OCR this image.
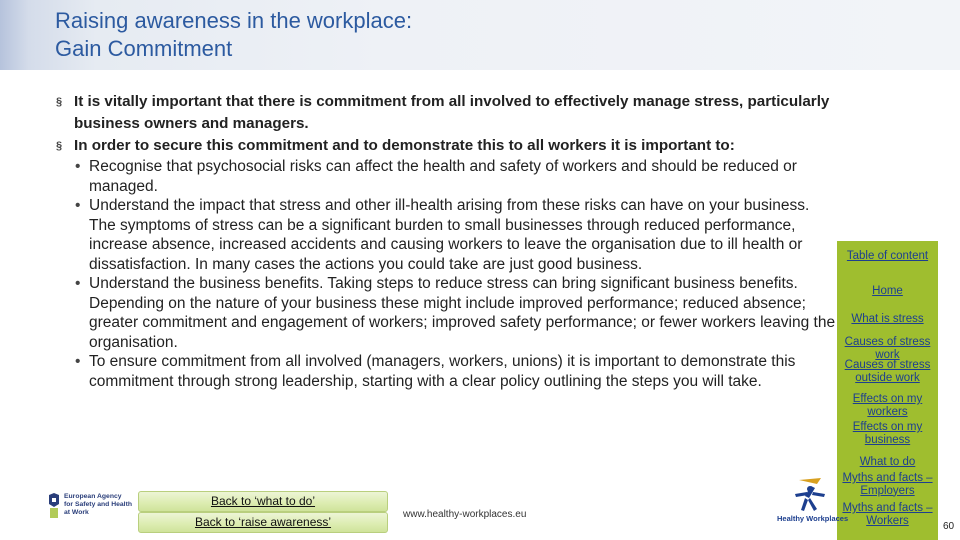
Raising awareness in the workplace:
Gain Commitment
§ It is vitally important that there is commitment from all involved to effectively manage stress, particularly business owners and managers.
§ In order to secure this commitment and to demonstrate this to all workers it is important to:
• Recognise that psychosocial risks can affect the health and safety of workers and should be reduced or managed.
• Understand the impact that stress and other ill-health arising from these risks can have on your business. The symptoms of stress can be a significant burden to small businesses through reduced performance, increase absence, increased accidents and causing workers to leave the organisation due to ill health or dissatisfaction. In many cases the actions you could take are just good business.
• Understand the business benefits. Taking steps to reduce stress can bring significant business benefits. Depending on the nature of your business these might include improved performance; reduced absence; greater commitment and engagement of workers; improved safety performance; or fewer workers leaving the organisation.
• To ensure commitment from all involved (managers, workers, unions) it is important to demonstrate this commitment through strong leadership, starting with a clear policy outlining the steps you will take.
Table of content
Home
What is stress
Causes of stress work
Causes of stress outside work
Effects on my workers
Effects on my business
What to do
Myths and facts – Employers
Myths and facts – Workers
European Agency
for Safety and Health
at Work
Back to ‘what to do’
Back to ‘raise awareness’
www.healthy-workplaces.eu	Healthy Workplaces
60
